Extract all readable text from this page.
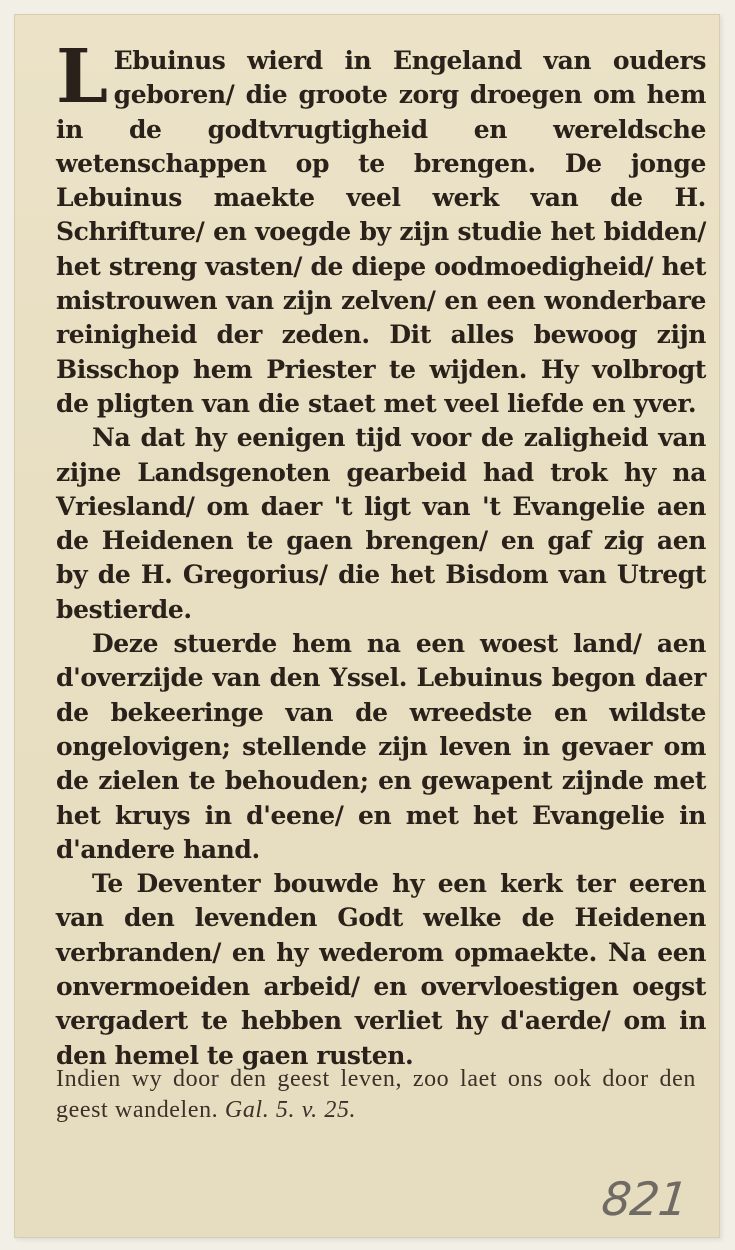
L Ebuinus wierd in Engeland van ouders geboren/ die groote zorg droegen om hem in de godtvrugtigheid en wereldsche wetenschappen op te brengen. De jonge Lebuinus maekte veel werk van de H. Schrifture/ en voegde by zijn studie het bidden/ het streng vasten/ de diepe oodmoedigheid/ het mistrouwen van zijn zelven/ en een wonderbare reinigheid der zeden. Dit alles bewoog zijn Bisschop hem Priester te wijden. Hy volbrogt de pligten van die staet met veel liefde en yver.

Na dat hy eenigen tijd voor de zaligheid van zijne Landsgenoten gearbeid had trok hy na Vriesland/ om daer 't ligt van 't Evangelie aen de Heidenen te gaen brengen/ en gaf zig aen by de H. Gregorius/ die het Bisdom van Utregt bestierde.

Deze stuerde hem na een woest land/ aen d'overzijde van den Yssel. Lebuinus begon daer de bekeeringe van de wreedste en wildste ongelovigen; stellende zijn leven in gevaer om de zielen te behouden; en gewapent zijnde met het kruys in d'eene/ en met het Evangelie in d'andere hand.

Te Deventer bouwde hy een kerk ter eeren van den levenden Godt welke de Heidenen verbranden/ en hy wederom opmaekte. Na een onvermoeiden arbeid/ en overvloestigen oegst vergadert te hebben verliet hy d'aerde/ om in den hemel te gaen rusten.

Indien wy door den geest leven, zoo laet ons ook door den geest wandelen. Gal. 5. v. 25.
821
